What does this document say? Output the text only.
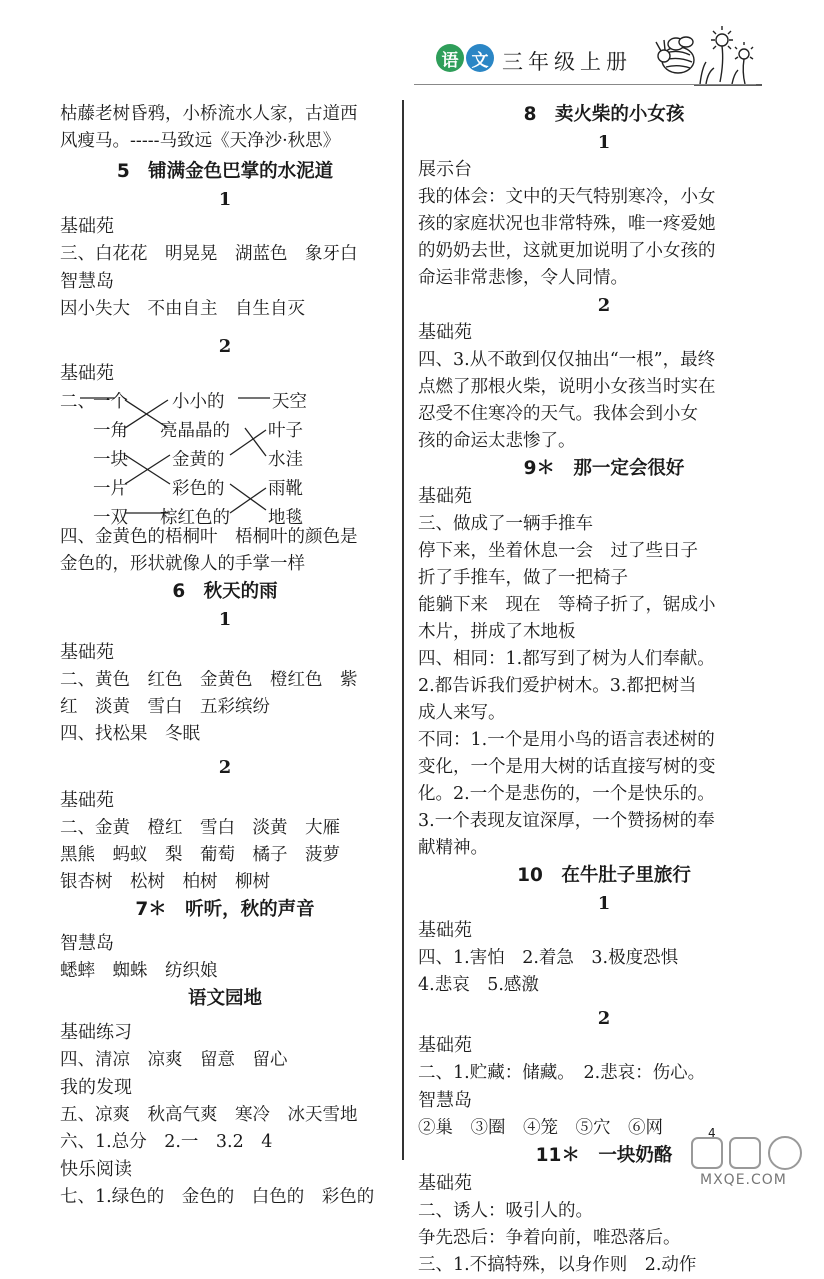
语 文 三年级上册
枯藤老树昏鸦，小桥流水人家，古道西
风瘦马。-----马致远《天净沙·秋思》
5　铺满金色巴掌的水泥道
1
基础苑
三、白花花　明晃晃　湖蓝色　象牙白
智慧岛
因小失大　不由自主　自生自灭
2
基础苑
二、
一个
一角
一块
一片
一双
小小的
亮晶晶的
金黄的
彩色的
棕红色的
天空
叶子
水洼
雨靴
地毯
四、金黄色的梧桐叶　梧桐叶的颜色是
金色的，形状就像人的手掌一样
6　秋天的雨
1
基础苑
二、黄色　红色　金黄色　橙红色　紫
红　淡黄　雪白　五彩缤纷
四、找松果　冬眠
2
基础苑
二、金黄　橙红　雪白　淡黄　大雁
黑熊　蚂蚁　梨　葡萄　橘子　菠萝
银杏树　松树　柏树　柳树
7＊　听听，秋的声音
智慧岛
蟋蟀　蜘蛛　纺织娘
语文园地
基础练习
四、清凉　凉爽　留意　留心
我的发现
五、凉爽　秋高气爽　寒冷　冰天雪地
六、1.总分　2.一　3.2　4
快乐阅读
七、1.绿色的　金色的　白色的　彩色的
8　卖火柴的小女孩
1
展示台
我的体会：文中的天气特别寒冷，小女
孩的家庭状况也非常特殊，唯一疼爱她
的奶奶去世，这就更加说明了小女孩的
命运非常悲惨，令人同情。
2
基础苑
四、3.从不敢到仅仅抽出“一根”，最终
点燃了那根火柴，说明小女孩当时实在
忍受不住寒冷的天气。我体会到小女
孩的命运太悲惨了。
9＊　那一定会很好
基础苑
三、做成了一辆手推车
停下来，坐着休息一会　过了些日子
折了手推车，做了一把椅子
能躺下来　现在　等椅子折了，锯成小
木片，拼成了木地板
四、相同：1.都写到了树为人们奉献。
2.都告诉我们爱护树木。3.都把树当
成人来写。
不同：1.一个是用小鸟的语言表述树的
变化，一个是用大树的话直接写树的变
化。2.一个是悲伤的，一个是快乐的。
3.一个表现友谊深厚，一个赞扬树的奉
献精神。
10　在牛肚子里旅行
1
基础苑
四、1.害怕　2.着急　3.极度恐惧
4.悲哀　5.感激
2
基础苑
二、1.贮藏：储藏。　2.悲哀：伤心。
智慧岛
②巢　③圈　④笼　⑤穴　⑥网
11＊　一块奶酪
基础苑
二、诱人：吸引人的。
争先恐后：争着向前，唯恐落后。
三、1.不搞特殊，以身作则　2.动作
4
MXQE.COM
